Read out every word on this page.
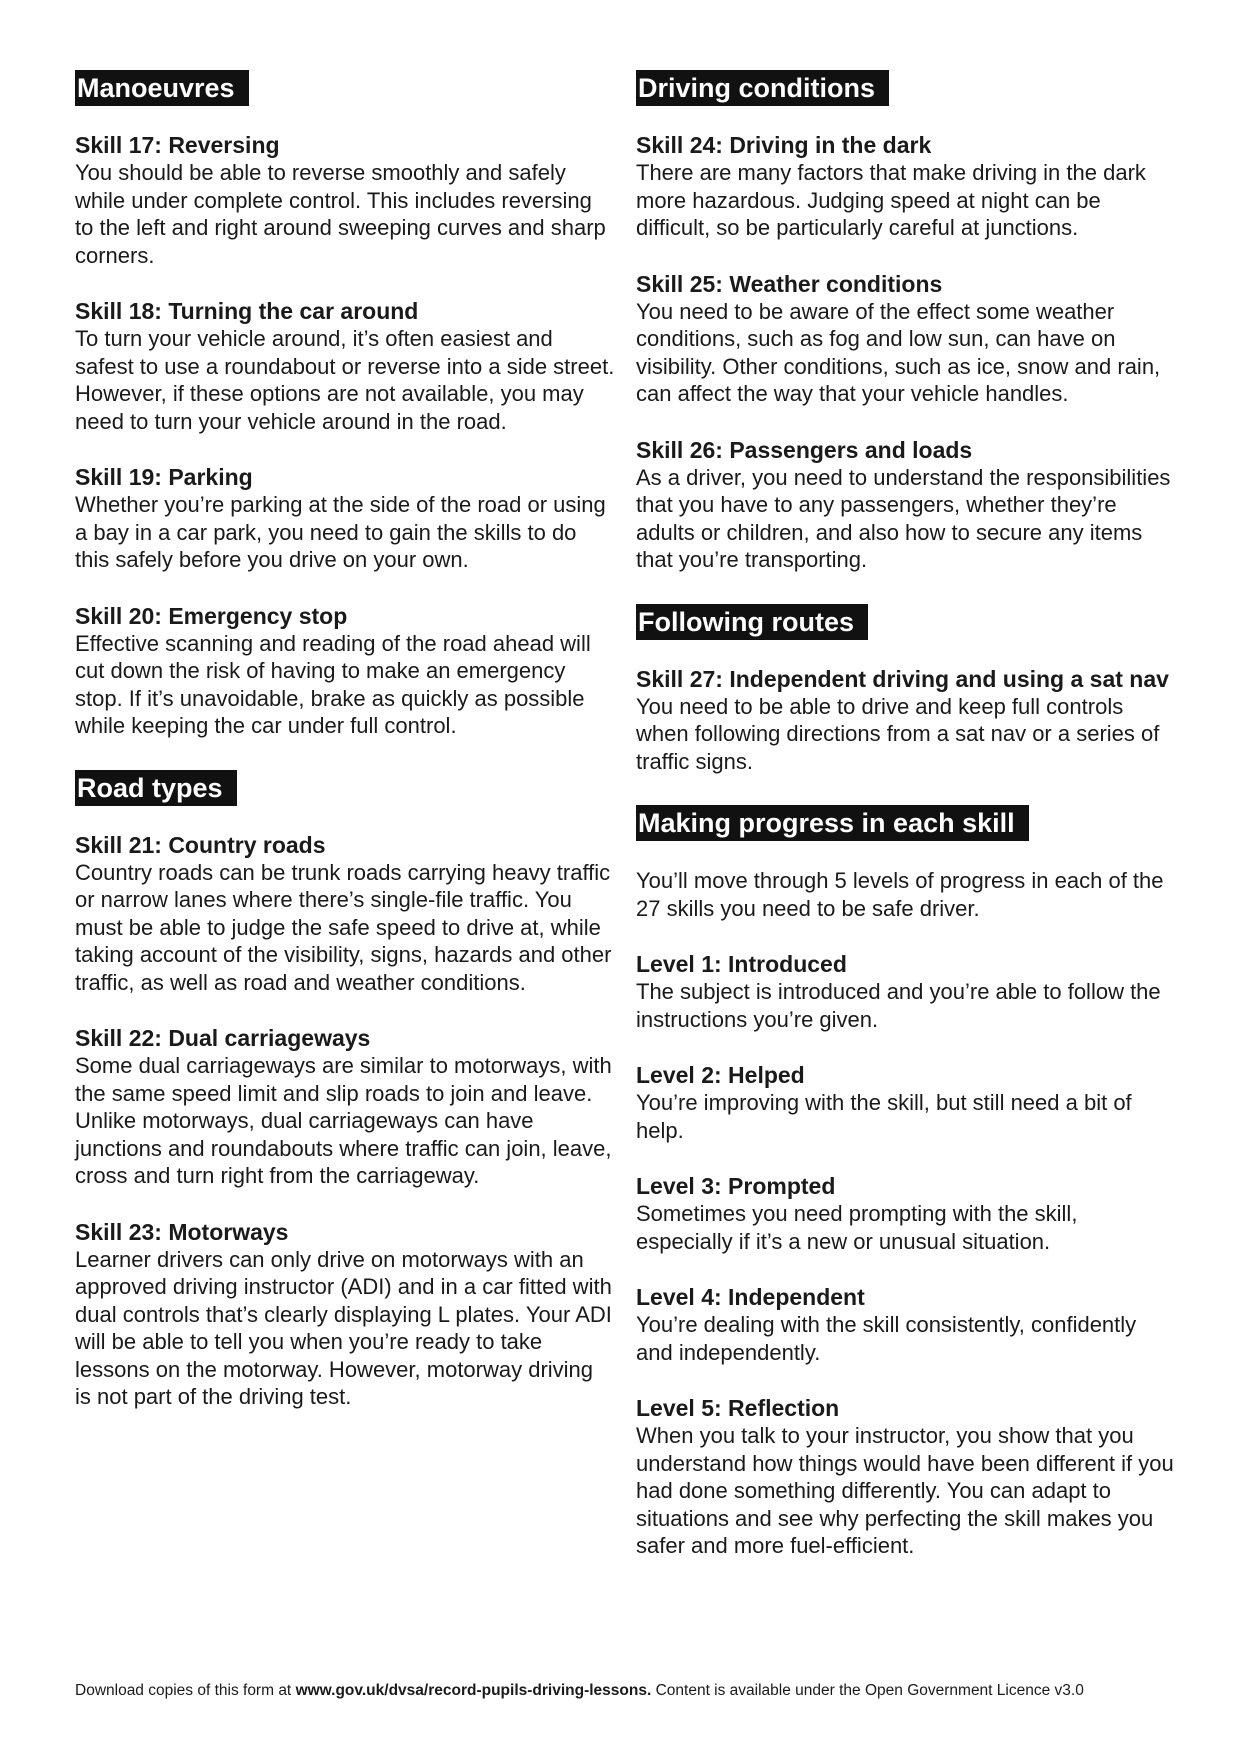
Manoeuvres

Skill 17: Reversing

You should be able to reverse smoothly and safely while under complete control. This includes reversing to the left and right around sweeping curves and sharp corners.

Skill 18: Turning the car around

To turn your vehicle around, it’s often easiest and safest to use a roundabout or reverse into a side street. However, if these options are not available, you may need to turn your vehicle around in the road.

Skill 19: Parking

Whether you’re parking at the side of the road or using a bay in a car park, you need to gain the skills to do this safely before you drive on your own.

Skill 20: Emergency stop

Effective scanning and reading of the road ahead will cut down the risk of having to make an emergency stop. If it’s unavoidable, brake as quickly as possible while keeping the car under full control.

Road types

Skill 21: Country roads

Country roads can be trunk roads carrying heavy traffic or narrow lanes where there’s single-file traffic. You must be able to judge the safe speed to drive at, while taking account of the visibility, signs, hazards and other traffic, as well as road and weather conditions.

Skill 22: Dual carriageways

Some dual carriageways are similar to motorways, with the same speed limit and slip roads to join and leave. Unlike motorways, dual carriageways can have junctions and roundabouts where traffic can join, leave, cross and turn right from the carriageway.

Skill 23: Motorways

Learner drivers can only drive on motorways with an approved driving instructor (ADI) and in a car fitted with dual controls that’s clearly displaying L plates. Your ADI will be able to tell you when you’re ready to take lessons on the motorway. However, motorway driving is not part of the driving test.

Driving conditions

Skill 24: Driving in the dark

There are many factors that make driving in the dark more hazardous. Judging speed at night can be difficult, so be particularly careful at junctions.

Skill 25: Weather conditions

You need to be aware of the effect some weather conditions, such as fog and low sun, can have on visibility. Other conditions, such as ice, snow and rain, can affect the way that your vehicle handles.

Skill 26: Passengers and loads

As a driver, you need to understand the responsibilities that you have to any passengers, whether they’re adults or children, and also how to secure any items that you’re transporting.

Following routes

Skill 27: Independent driving and using a sat nav

You need to be able to drive and keep full controls when following directions from a sat nav or a series of traffic signs.

Making progress in each skill

You’ll move through 5 levels of progress in each of the 27 skills you need to be safe driver.

Level 1: Introduced

The subject is introduced and you’re able to follow the instructions you’re given.

Level 2: Helped

You’re improving with the skill, but still need a bit of help.

Level 3: Prompted

Sometimes you need prompting with the skill, especially if it’s a new or unusual situation.

Level 4: Independent

You’re dealing with the skill consistently, confidently and independently.

Level 5: Reflection

When you talk to your instructor, you show that you understand how things would have been different if you had done something differently. You can adapt to situations and see why perfecting the skill makes you safer and more fuel-efficient.

Download copies of this form at www.gov.uk/dvsa/record-pupils-driving-lessons. Content is available under the Open Government Licence v3.0
